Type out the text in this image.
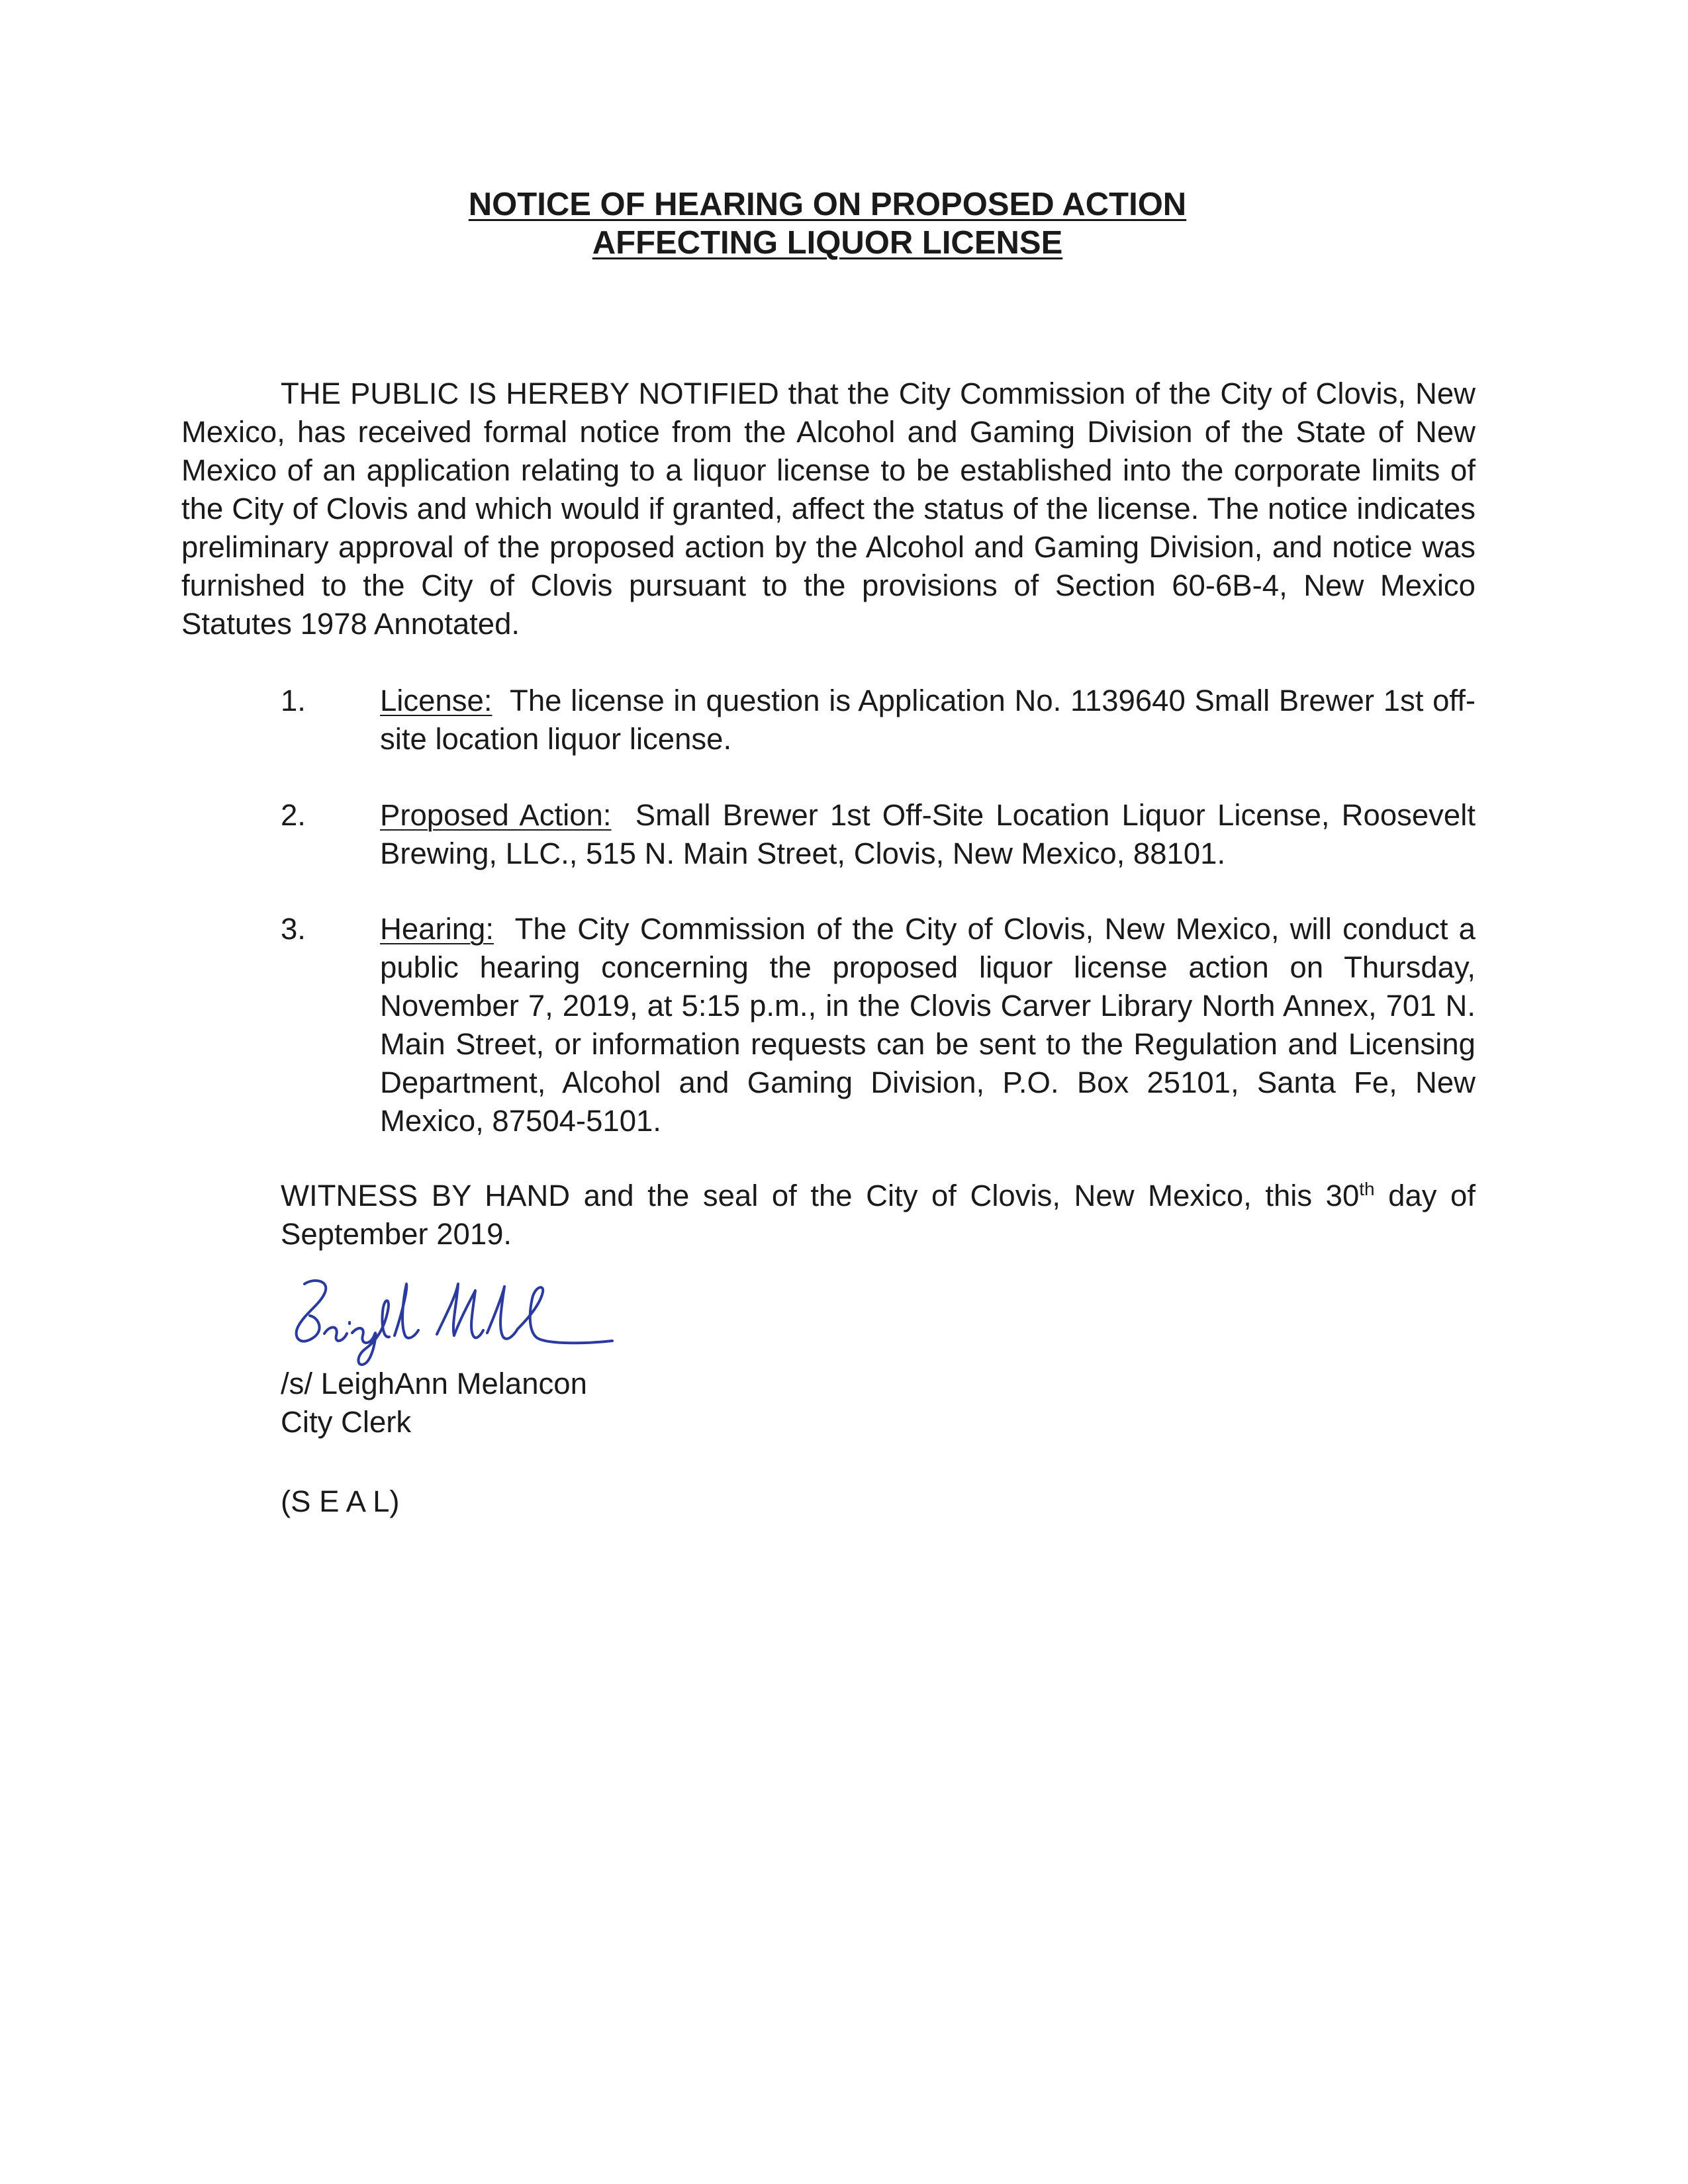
NOTICE OF HEARING ON PROPOSED ACTION
AFFECTING LIQUOR LICENSE

THE PUBLIC IS HEREBY NOTIFIED that the City Commission of the City of Clovis, New Mexico, has received formal notice from the Alcohol and Gaming Division of the State of New Mexico of an application relating to a liquor license to be established into the corporate limits of the City of Clovis and which would if granted, affect the status of the license. The notice indicates preliminary approval of the proposed action by the Alcohol and Gaming Division, and notice was furnished to the City of Clovis pursuant to the provisions of Section 60-6B-4, New Mexico Statutes 1978 Annotated.

1. License: The license in question is Application No. 1139640 Small Brewer 1st off-site location liquor license.

2. Proposed Action: Small Brewer 1st Off-Site Location Liquor License, Roosevelt Brewing, LLC., 515 N. Main Street, Clovis, New Mexico, 88101.

3. Hearing: The City Commission of the City of Clovis, New Mexico, will conduct a public hearing concerning the proposed liquor license action on Thursday, November 7, 2019, at 5:15 p.m., in the Clovis Carver Library North Annex, 701 N. Main Street, or information requests can be sent to the Regulation and Licensing Department, Alcohol and Gaming Division, P.O. Box 25101, Santa Fe, New Mexico, 87504-5101.

WITNESS BY HAND and the seal of the City of Clovis, New Mexico, this 30th day of September 2019.

/s/ LeighAnn Melancon
City Clerk
(S E A L)
